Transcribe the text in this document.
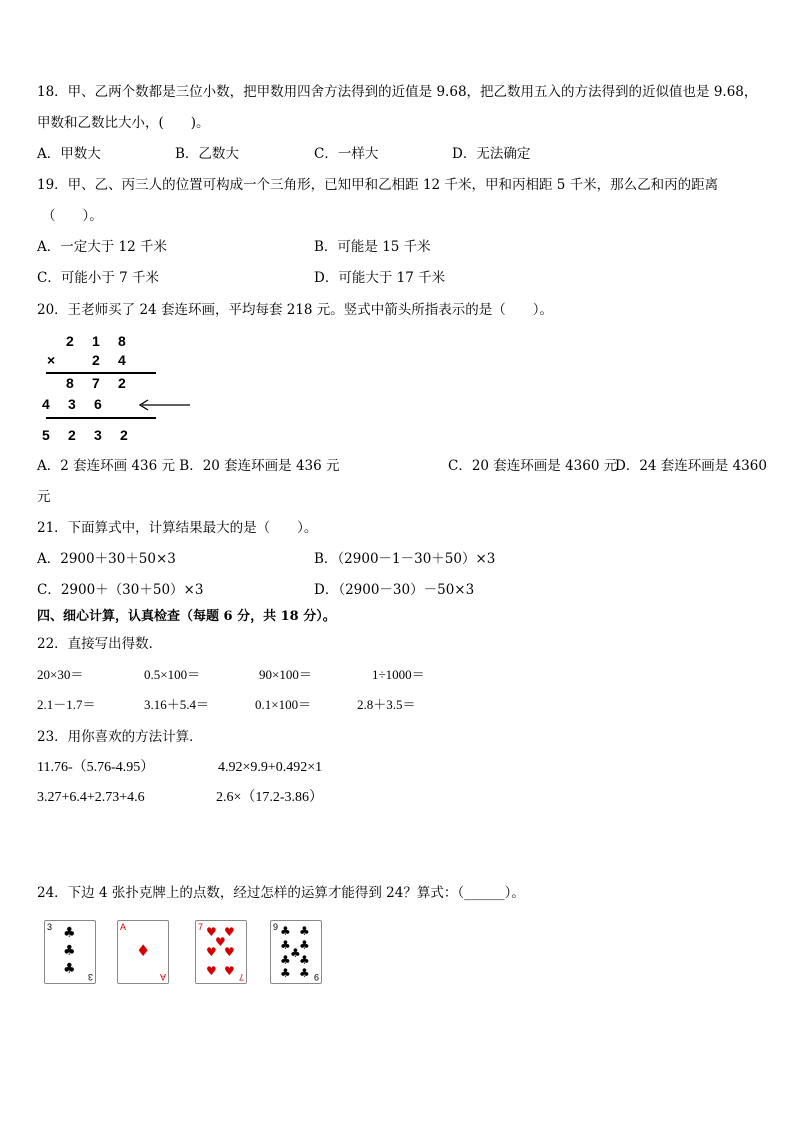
18．甲、乙两个数都是三位小数，把甲数用四舍方法得到的近值是 9.68，把乙数用五入的方法得到的近似值也是 9.68，
甲数和乙数比大小，(　　)。
A．甲数大	B．乙数大	C．一样大	D．无法确定
19．甲、乙、丙三人的位置可构成一个三角形，已知甲和乙相距 12 千米，甲和丙相距 5 千米，那么乙和丙的距离
（　　）。
A．一定大于 12 千米	B．可能是 15 千米
C．可能小于 7 千米	D．可能大于 17 千米
20．王老师买了 24 套连环画，平均每套 218 元。竖式中箭头所指表示的是（　　）。
2 1 8
×	2 4
8 7 2
4 3 6
5 2 3 2
A．2 套连环画 436 元 B．20 套连环画是 436 元	C．20 套连环画是 4360 元
D．24 套连环画是 4360
元
21．下面算式中，计算结果最大的是（　　）。
A．2900＋30＋50×3	B．（2900－1－30＋50）×3
C．2900＋（30＋50）×3	D．（2900－30）－50×3
四、细心计算，认真检查（每题 6 分，共 18 分）。
22．直接写出得数．
20×30＝	0.5×100＝	90×100＝	1÷1000＝
2.1－1.7＝	3.16＋5.4＝	0.1×100＝	2.8＋3.5＝
23．用你喜欢的方法计算．
11.76-（5.76-4.95）	4.92×9.9+0.492×1
3.27+6.4+2.73+4.6	2.6×（17.2-3.86）
24．下边 4 张扑克牌上的点数，经过怎样的运算才能得到 24？算式：（______）。
3 ♣
♣
♣ 3
A
♦
A
7 ♥ ♥
♥
♥ ♥
♥ ♥ 7
9 ♣ ♣
♣ ♣
♣
♣ ♣
♣ ♣ 9
